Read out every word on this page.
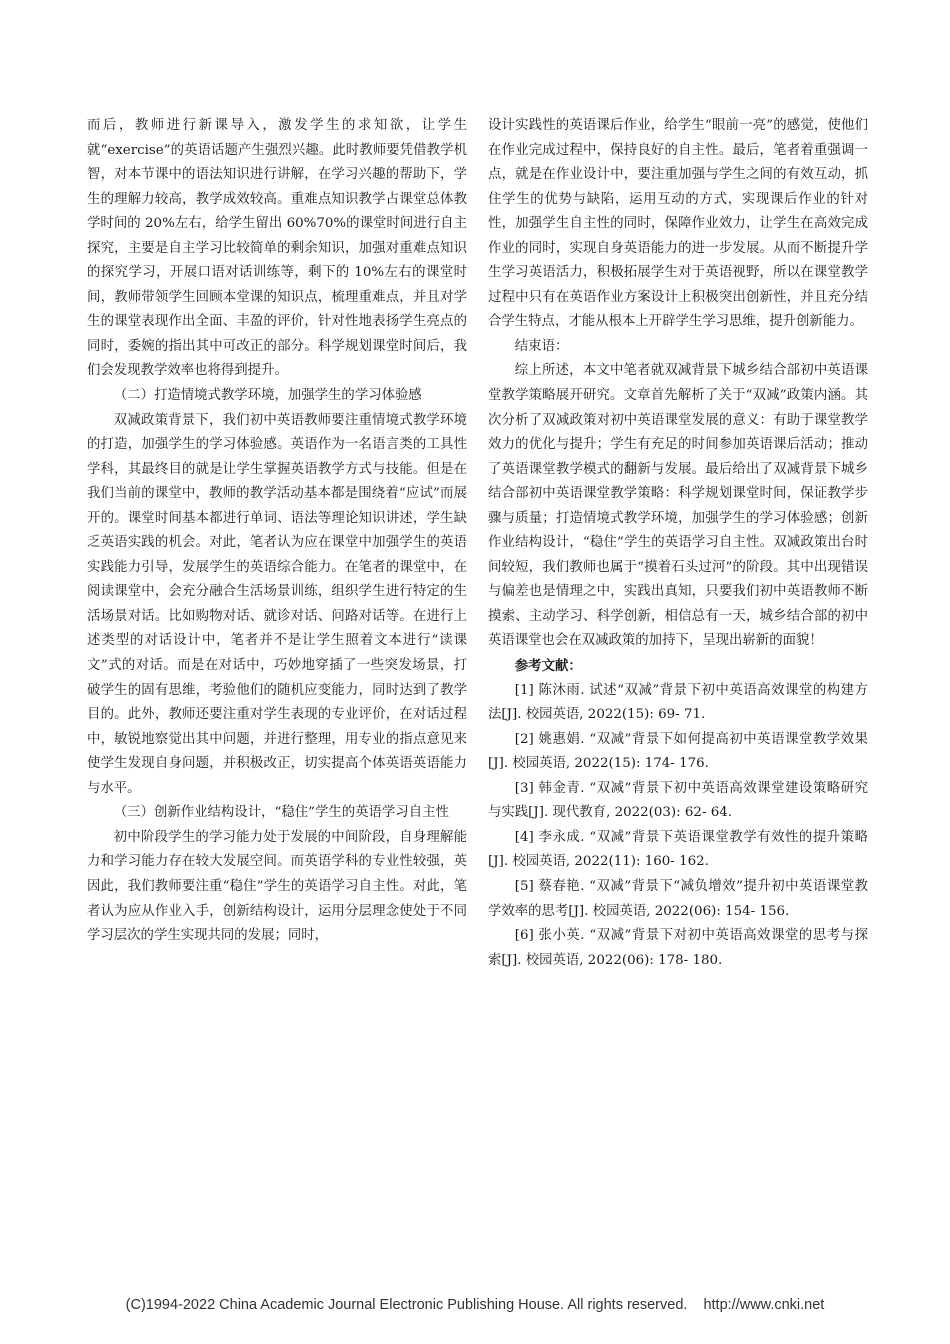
而后，教师进行新课导入，激发学生的求知欲，让学生就“exercise”的英语话题产生强烈兴趣。此时教师要凭借教学机智，对本节课中的语法知识进行讲解，在学习兴趣的帮助下，学生的理解力较高，教学成效较高。重难点知识教学占课堂总体教学时间的 20%左右，给学生留出 60%70%的课堂时间进行自主探究，主要是自主学习比较简单的剩余知识，加强对重难点知识的探究学习，开展口语对话训练等，剩下的 10%左右的课堂时间，教师带领学生回顾本堂课的知识点，梳理重难点，并且对学生的课堂表现作出全面、丰盈的评价，针对性地表扬学生亮点的同时，委婉的指出其中可改正的部分。科学规划课堂时间后，我们会发现教学效率也将得到提升。

（二）打造情境式教学环境，加强学生的学习体验感

双减政策背景下，我们初中英语教师要注重情境式教学环境的打造，加强学生的学习体验感。英语作为一名语言类的工具性学科，其最终目的就是让学生掌握英语教学方式与技能。但是在我们当前的课堂中，教师的教学活动基本都是围绕着“应试”而展开的。课堂时间基本都进行单词、语法等理论知识讲述，学生缺乏英语实践的机会。对此，笔者认为应在课堂中加强学生的英语实践能力引导，发展学生的英语综合能力。在笔者的课堂中，在阅读课堂中，会充分融合生活场景训练，组织学生进行特定的生活场景对话。比如购物对话、就诊对话、问路对话等。在进行上述类型的对话设计中，笔者并不是让学生照着文本进行“读课文”式的对话。而是在对话中，巧妙地穿插了一些突发场景，打破学生的固有思维，考验他们的随机应变能力，同时达到了教学目的。此外，教师还要注重对学生表现的专业评价，在对话过程中，敏锐地察觉出其中问题，并进行整理，用专业的指点意见来使学生发现自身问题，并积极改正，切实提高个体英语英语能力与水平。

（三）创新作业结构设计，“稳住”学生的英语学习自主性

初中阶段学生的学习能力处于发展的中间阶段，自身理解能力和学习能力存在较大发展空间。而英语学科的专业性较强，英因此，我们教师要注重“稳住”学生的英语学习自主性。对此，笔者认为应从作业入手，创新结构设计，运用分层理念使处于不同学习层次的学生实现共同的发展；同时，

设计实践性的英语课后作业，给学生“眼前一亮”的感觉，使他们在作业完成过程中，保持良好的自主性。最后，笔者着重强调一点，就是在作业设计中，要注重加强与学生之间的有效互动，抓住学生的优势与缺陷，运用互动的方式，实现课后作业的针对性，加强学生自主性的同时，保障作业效力，让学生在高效完成作业的同时，实现自身英语能力的进一步发展。从而不断提升学生学习英语活力，积极拓展学生对于英语视野，所以在课堂教学过程中只有在英语作业方案设计上积极突出创新性，并且充分结合学生特点，才能从根本上开辟学生学习思维，提升创新能力。

结束语：

综上所述，本文中笔者就双减背景下城乡结合部初中英语课堂教学策略展开研究。文章首先解析了关于“双减”政策内涵。其次分析了双减政策对初中英语课堂发展的意义：有助于课堂教学效力的优化与提升；学生有充足的时间参加英语课后活动；推动了英语课堂教学模式的翻新与发展。最后给出了双减背景下城乡结合部初中英语课堂教学策略：科学规划课堂时间，保证教学步骤与质量；打造情境式教学环境，加强学生的学习体验感；创新作业结构设计，“稳住”学生的英语学习自主性。双减政策出台时间较短，我们教师也属于“摸着石头过河”的阶段。其中出现错误与偏差也是情理之中，实践出真知，只要我们初中英语教师不断摸索、主动学习、科学创新，相信总有一天，城乡结合部的初中英语课堂也会在双减政策的加持下，呈现出崭新的面貌！

参考文献：

[1] 陈沐雨. 试述“双减”背景下初中英语高效课堂的构建方法[J]. 校园英语, 2022(15): 69- 71.

[2] 姚惠娟. “双减”背景下如何提高初中英语课堂教学效果[J]. 校园英语, 2022(15): 174- 176.

[3] 韩金青. “双减”背景下初中英语高效课堂建设策略研究与实践[J]. 现代教育, 2022(03): 62- 64.

[4] 李永成. “双减”背景下英语课堂教学有效性的提升策略[J]. 校园英语, 2022(11): 160- 162.

[5] 蔡春艳. “双减”背景下“减负增效”提升初中英语课堂教学效率的思考[J]. 校园英语, 2022(06): 154- 156.

[6] 张小英. “双减”背景下对初中英语高效课堂的思考与探索[J]. 校园英语, 2022(06): 178- 180.

(C)1994-2022 China Academic Journal Electronic Publishing House. All rights reserved. http://www.cnki.net
